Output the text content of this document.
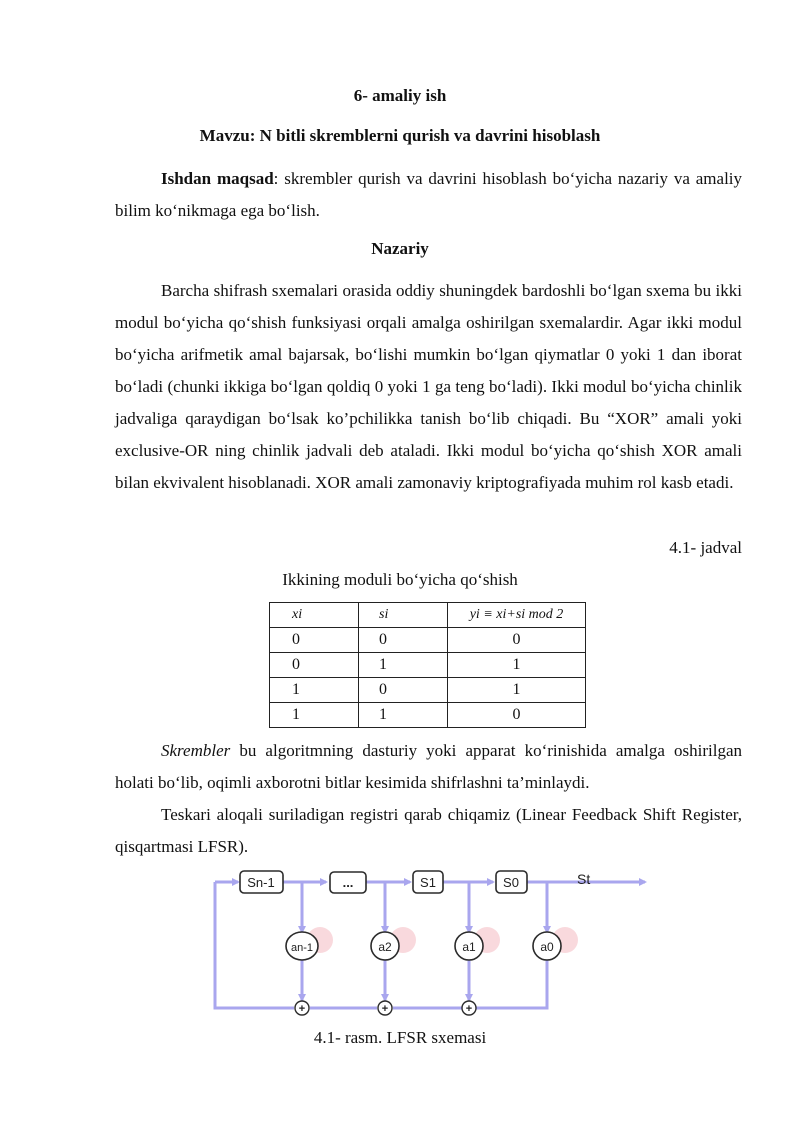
6- amaliy ish
Mavzu: N bitli skremblerni qurish va davrini hisoblash

Ishdan maqsad: skrembler qurish va davrini hisoblash bo‘yicha nazariy va amaliy bilim ko‘nikmaga ega bo‘lish.

Nazariy

Barcha shifrash sxemalari orasida oddiy shuningdek bardoshli bo‘lgan sxema bu ikki modul bo‘yicha qo‘shish funksiyasi orqali amalga oshirilgan sxemalardir. Agar ikki modul bo‘yicha arifmetik amal bajarsak, bo‘lishi mumkin bo‘lgan qiymatlar 0 yoki 1 dan iborat bo‘ladi (chunki ikkiga bo‘lgan qoldiq 0 yoki 1 ga teng bo‘ladi). Ikki modul bo‘yicha chinlik jadvaliga qaraydigan bo‘lsak ko’pchilikka tanish bo‘lib chiqadi. Bu “XOR” amali yoki exclusive-OR ning chinlik jadvali deb ataladi. Ikki modul bo‘yicha qo‘shish XOR amali bilan ekvivalent hisoblanadi. XOR amali zamonaviy kriptografiyada muhim rol kasb etadi.

4.1- jadval
Ikkining moduli bo‘yicha qo‘shish
xi	si	yi ≡ xi+si mod 2
0	0	0
0	1	1
1	0	1
1	1	0

Skrembler bu algoritmning dasturiy yoki apparat ko‘rinishida amalga oshirilgan holati bo‘lib, oqimli axborotni bitlar kesimida shifrlashni ta’minlaydi.

Teskari aloqali suriladigan registri qarab chiqamiz (Linear Feedback Shift Register, qisqartmasi LFSR).

Sn-1	...	S1	S0	St
an-1	a2	a1	a0
+	+	+
4.1- rasm. LFSR sxemasi
